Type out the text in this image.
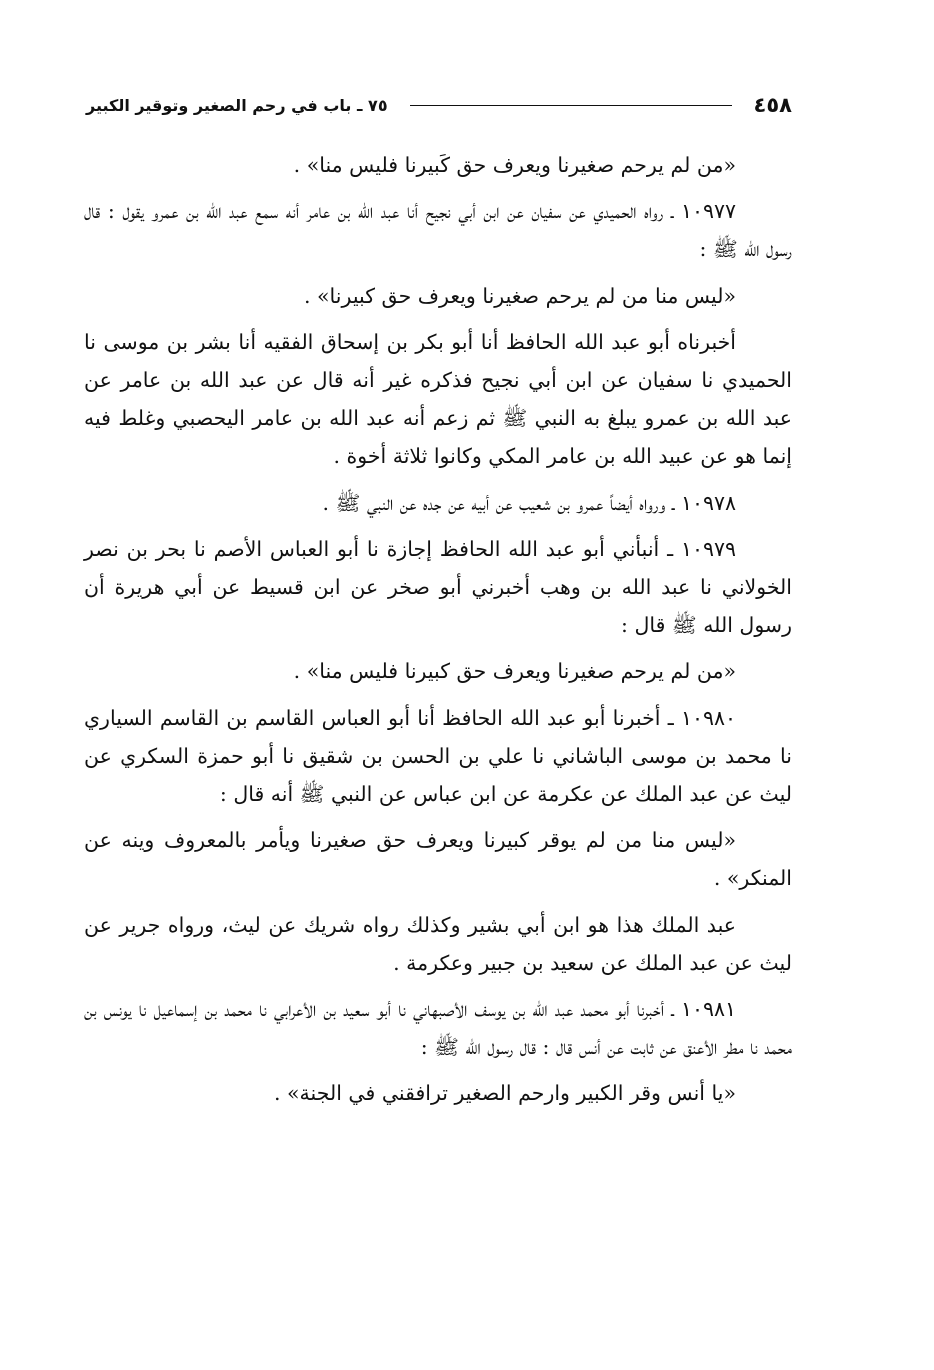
٤٥٨
٧٥ ـ باب في رحم الصغير وتوقير الكبير

«من لم يرحم صغيرنا ويعرف حق كَبيرنا فليس منا» .

١٠٩٧٧ ـ رواه الحميدي عن سفيان عن ابن أبي نجيح أنا عبد الله بن عامر أنه سمع عبد الله بن عمرو يقول : قال رسول الله ﷺ :

«ليس منا من لم يرحم صغيرنا ويعرف حق كبيرنا» .

أخبرناه أبو عبد الله الحافظ أنا أبو بكر بن إسحاق الفقيه أنا بشر بن موسى نا الحميدي نا سفيان عن ابن أبي نجيح فذكره غير أنه قال عن عبد الله بن عامر عن عبد الله بن عمرو يبلغ به النبي ﷺ ثم زعم أنه عبد الله بن عامر اليحصبي وغلط فيه إنما هو عن عبيد الله بن عامر المكي وكانوا ثلاثة أخوة .

١٠٩٧٨ ـ ورواه أيضاً عمرو بن شعيب عن أبيه عن جده عن النبي ﷺ .

١٠٩٧٩ ـ أنبأني أبو عبد الله الحافظ إجازة نا أبو العباس الأصم نا بحر بن نصر الخولاني نا عبد الله بن وهب أخبرني أبو صخر عن ابن قسيط عن أبي هريرة أن رسول الله ﷺ قال :

«من لم يرحم صغيرنا ويعرف حق كبيرنا فليس منا» .

١٠٩٨٠ ـ أخبرنا أبو عبد الله الحافظ أنا أبو العباس القاسم بن القاسم السياري نا محمد بن موسى الباشاني نا علي بن الحسن بن شقيق نا أبو حمزة السكري عن ليث عن عبد الملك عن عكرمة عن ابن عباس عن النبي ﷺ أنه قال :

«ليس منا من لم يوقر كبيرنا ويعرف حق صغيرنا ويأمر بالمعروف وينه عن المنكر» .

عبد الملك هذا هو ابن أبي بشير وكذلك رواه شريك عن ليث، ورواه جرير عن ليث عن عبد الملك عن سعيد بن جبير وعكرمة .

١٠٩٨١ ـ أخبرنا أبو محمد عبد الله بن يوسف الأصبهاني نا أبو سعيد بن الأعرابي نا محمد بن إسماعيل نا يونس بن محمد نا مطر الأعنق عن ثابت عن أنس قال : قال رسول الله ﷺ :

«يا أنس وقر الكبير وارحم الصغير ترافقني في الجنة» .
